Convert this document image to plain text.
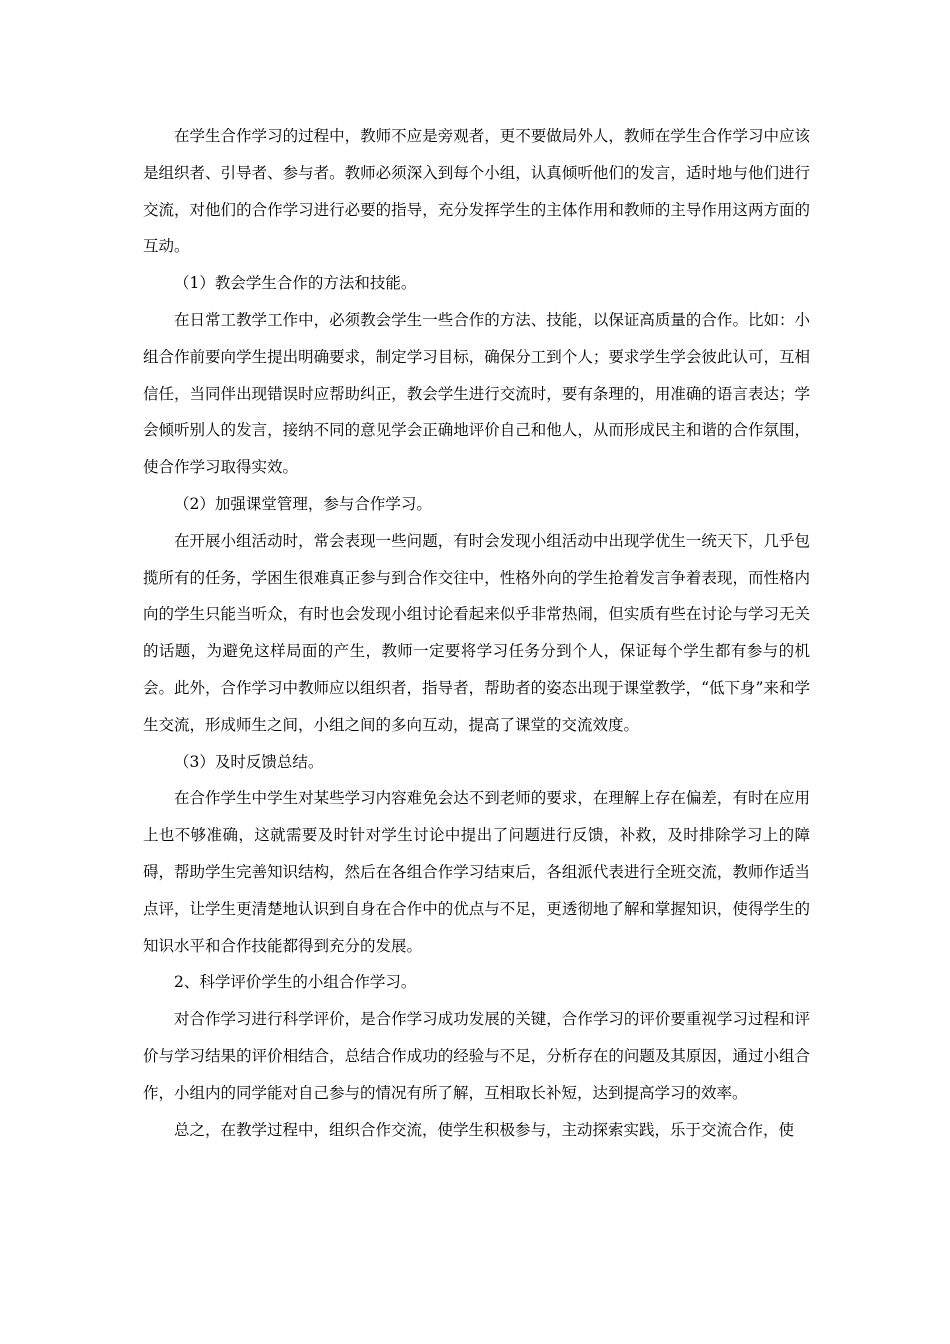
在学生合作学习的过程中，教师不应是旁观者，更不要做局外人，教师在学生合作学习中应该是组织者、引导者、参与者。教师必须深入到每个小组，认真倾听他们的发言，适时地与他们进行交流，对他们的合作学习进行必要的指导，充分发挥学生的主体作用和教师的主导作用这两方面的互动。

（1）教会学生合作的方法和技能。

在日常工教学工作中，必须教会学生一些合作的方法、技能，以保证高质量的合作。比如：小组合作前要向学生提出明确要求，制定学习目标，确保分工到个人；要求学生学会彼此认可，互相信任，当同伴出现错误时应帮助纠正，教会学生进行交流时，要有条理的，用准确的语言表达；学会倾听别人的发言，接纳不同的意见学会正确地评价自己和他人，从而形成民主和谐的合作氛围，使合作学习取得实效。

（2）加强课堂管理，参与合作学习。

在开展小组活动时，常会表现一些问题，有时会发现小组活动中出现学优生一统天下，几乎包揽所有的任务，学困生很难真正参与到合作交往中，性格外向的学生抢着发言争着表现，而性格内向的学生只能当听众，有时也会发现小组讨论看起来似乎非常热闹，但实质有些在讨论与学习无关的话题，为避免这样局面的产生，教师一定要将学习任务分到个人，保证每个学生都有参与的机会。此外，合作学习中教师应以组织者，指导者，帮助者的姿态出现于课堂教学，“低下身”来和学生交流，形成师生之间，小组之间的多向互动，提高了课堂的交流效度。

（3）及时反馈总结。

在合作学生中学生对某些学习内容难免会达不到老师的要求，在理解上存在偏差，有时在应用上也不够准确，这就需要及时针对学生讨论中提出了问题进行反馈，补救，及时排除学习上的障碍，帮助学生完善知识结构，然后在各组合作学习结束后，各组派代表进行全班交流，教师作适当点评，让学生更清楚地认识到自身在合作中的优点与不足，更透彻地了解和掌握知识，使得学生的知识水平和合作技能都得到充分的发展。

2、科学评价学生的小组合作学习。

对合作学习进行科学评价，是合作学习成功发展的关键，合作学习的评价要重视学习过程和评价与学习结果的评价相结合，总结合作成功的经验与不足，分析存在的问题及其原因，通过小组合作，小组内的同学能对自己参与的情况有所了解，互相取长补短，达到提高学习的效率。

总之，在教学过程中，组织合作交流，使学生积极参与，主动探索实践，乐于交流合作，使
